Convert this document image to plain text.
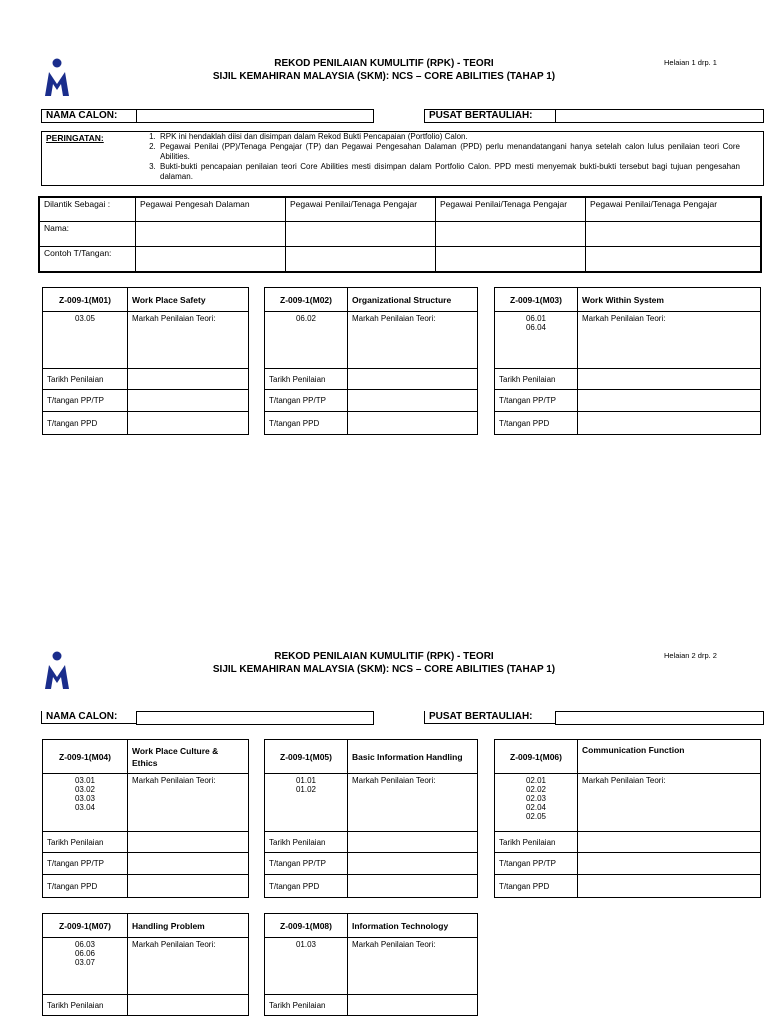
REKOD PENILAIAN KUMULITIF (RPK) - TEORI
SIJIL KEMAHIRAN MALAYSIA (SKM): NCS – CORE ABILITIES (TAHAP 1)
Helaian 1 drp. 1
NAMA CALON:	PUSAT BERTAULIAH:
PERINGATAN:	1. RPK ini hendaklah diisi dan disimpan dalam Rekod Bukti Pencapaian (Portfolio) Calon.
2. Pegawai Penilai (PP)/Tenaga Pengajar (TP) dan Pegawai Pengesahan Dalaman (PPD) perlu menandatangani hanya setelah calon lulus penilaian teori Core Abilities.
3. Bukti-bukti pencapaian penilaian teori Core Abilities mesti disimpan dalam Portfolio Calon. PPD mesti menyemak bukti-bukti tersebut bagi tujuan pengesahan dalaman.
Dilantik Sebagai :	Pegawai Pengesah Dalaman	Pegawai Penilai/Tenaga Pengajar	Pegawai Penilai/Tenaga Pengajar	Pegawai Penilai/Tenaga Pengajar
Nama:				
Contoh T/Tangan:				
Z-009-1(M01)	Work Place Safety

03.05	Markah Penilaian Teori:
Tarikh Penilaian	
T/tangan PP/TP	
T/tangan PPD	
Z-009-1(M02)	Organizational Structure

06.02	Markah Penilaian Teori:
Tarikh Penilaian	
T/tangan PP/TP	
T/tangan PPD	
Z-009-1(M03)	Work Within System

06.01
06.04	Markah Penilaian Teori:
Tarikh Penilaian	
T/tangan PP/TP	
T/tangan PPD	
REKOD PENILAIAN KUMULITIF (RPK) - TEORI
SIJIL KEMAHIRAN MALAYSIA (SKM): NCS – CORE ABILITIES (TAHAP 1)
Helaian 2 drp. 2
NAMA CALON:	PUSAT BERTAULIAH:
Z-009-1(M04)	Work Place Culture & Ethics

03.01
03.02
03.03
03.04	Markah Penilaian Teori:
Tarikh Penilaian	
T/tangan PP/TP	
T/tangan PPD	
Z-009-1(M05)	Basic Information Handling

01.01
01.02	Markah Penilaian Teori:
Tarikh Penilaian	
T/tangan PP/TP	
T/tangan PPD	
Z-009-1(M06)	Communication Function

02.01
02.02
02.03
02.04
02.05	Markah Penilaian Teori:
Tarikh Penilaian	
T/tangan PP/TP	
T/tangan PPD	
Z-009-1(M07)	Handling Problem

06.03
06.06
03.07	Markah Penilaian Teori:
Tarikh Penilaian	
Z-009-1(M08)	Information Technology

01.03	Markah Penilaian Teori:
Tarikh Penilaian	
